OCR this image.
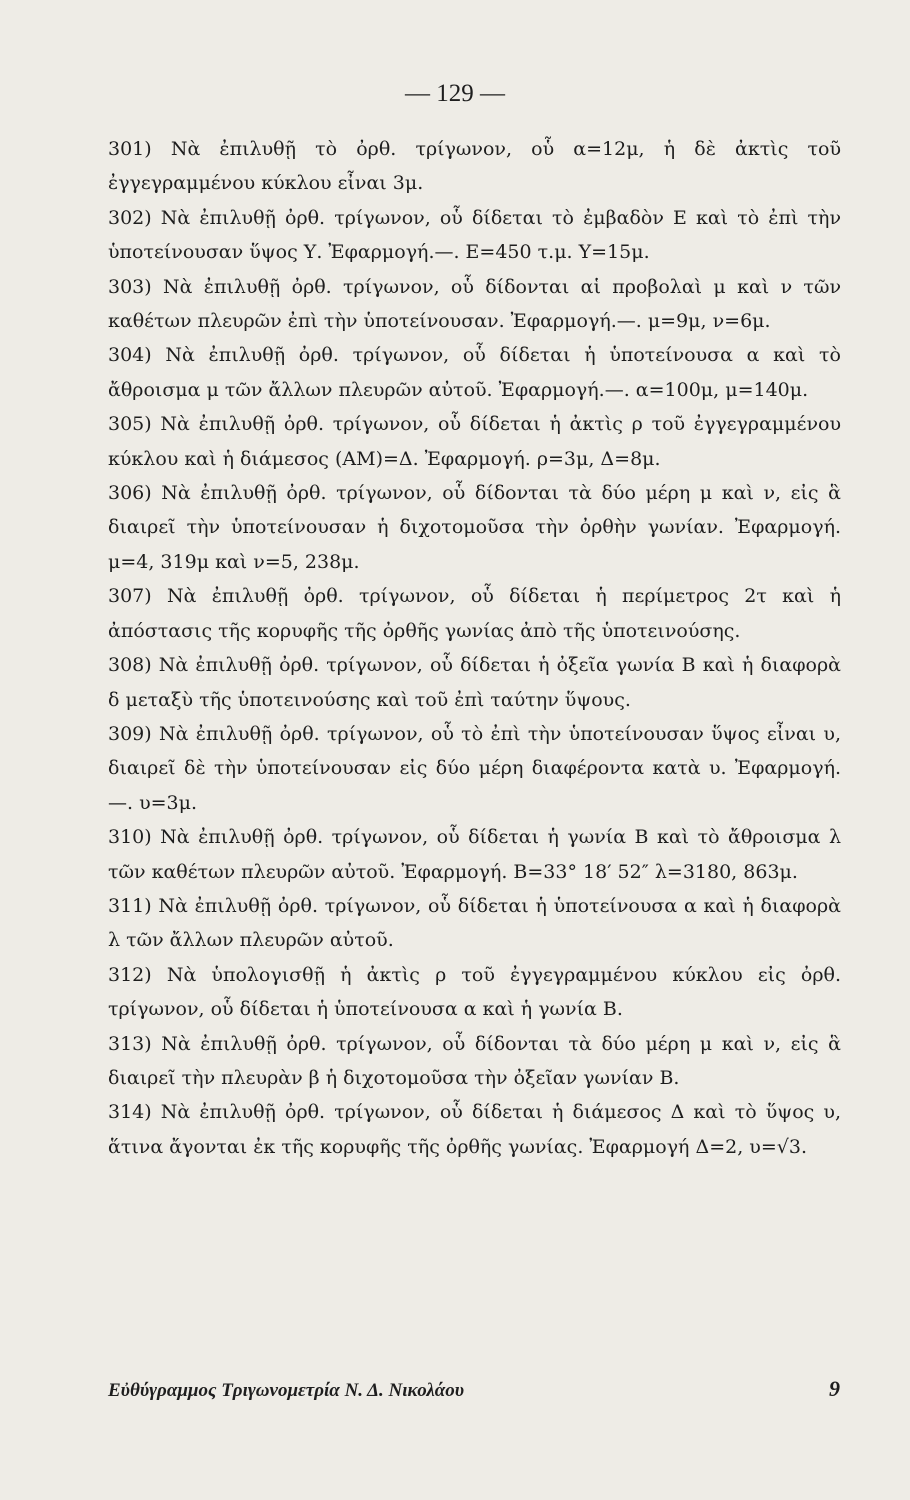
— 129 —

301) Νὰ ἐπιλυθῇ τὸ ὀρθ. τρίγωνον, οὗ α=12μ, ἡ δὲ ἀκτὶς τοῦ ἐγγεγραμμένου κύκλου εἶναι 3μ.

302) Νὰ ἐπιλυθῇ ὀρθ. τρίγωνον, οὗ δίδεται τὸ ἐμβαδὸν Ε καὶ τὸ ἐπὶ τὴν ὑποτείνουσαν ὕψος Υ. Ἐφαρμογή.—. Ε=450 τ.μ. Υ=15μ.

303) Νὰ ἐπιλυθῇ ὀρθ. τρίγωνον, οὗ δίδονται αἱ προβολαὶ μ καὶ ν τῶν καθέτων πλευρῶν ἐπὶ τὴν ὑποτείνουσαν. Ἐφαρμογή.—. μ=9μ, ν=6μ.

304) Νὰ ἐπιλυθῇ ὀρθ. τρίγωνον, οὗ δίδεται ἡ ὑποτείνουσα α καὶ τὸ ἄθροισμα μ τῶν ἄλλων πλευρῶν αὐτοῦ. Ἐφαρμογή.—. α=100μ, μ=140μ.

305) Νὰ ἐπιλυθῇ ὀρθ. τρίγωνον, οὗ δίδεται ἡ ἀκτὶς ρ τοῦ ἐγγεγραμμένου κύκλου καὶ ἡ διάμεσος (ΑΜ)=Δ. Ἐφαρμογή. ρ=3μ, Δ=8μ.

306) Νὰ ἐπιλυθῇ ὀρθ. τρίγωνον, οὗ δίδονται τὰ δύο μέρη μ καὶ ν, εἰς ἃ διαιρεῖ τὴν ὑποτείνουσαν ἡ διχοτομοῦσα τὴν ὀρθὴν γωνίαν. Ἐφαρμογή. μ=4, 319μ καὶ ν=5, 238μ.

307) Νὰ ἐπιλυθῇ ὀρθ. τρίγωνον, οὗ δίδεται ἡ περίμετρος 2τ καὶ ἡ ἀπόστασις τῆς κορυφῆς τῆς ὀρθῆς γωνίας ἀπὸ τῆς ὑποτεινούσης.

308) Νὰ ἐπιλυθῇ ὀρθ. τρίγωνον, οὗ δίδεται ἡ ὀξεῖα γωνία Β καὶ ἡ διαφορὰ δ μεταξὺ τῆς ὑποτεινούσης καὶ τοῦ ἐπὶ ταύτην ὕψους.

309) Νὰ ἐπιλυθῇ ὀρθ. τρίγωνον, οὗ τὸ ἐπὶ τὴν ὑποτείνουσαν ὕψος εἶναι υ, διαιρεῖ δὲ τὴν ὑποτείνουσαν εἰς δύο μέρη διαφέροντα κατὰ υ. Ἐφαρμογή.—. υ=3μ.

310) Νὰ ἐπιλυθῇ ὀρθ. τρίγωνον, οὗ δίδεται ἡ γωνία Β καὶ τὸ ἄθροισμα λ τῶν καθέτων πλευρῶν αὐτοῦ. Ἐφαρμογή. Β=33° 18′ 52″ λ=3180, 863μ.

311) Νὰ ἐπιλυθῇ ὀρθ. τρίγωνον, οὗ δίδεται ἡ ὑποτείνουσα α καὶ ἡ διαφορὰ λ τῶν ἄλλων πλευρῶν αὐτοῦ.

312) Νὰ ὑπολογισθῇ ἡ ἀκτὶς ρ τοῦ ἐγγεγραμμένου κύκλου εἰς ὀρθ. τρίγωνον, οὗ δίδεται ἡ ὑποτείνουσα α καὶ ἡ γωνία Β.

313) Νὰ ἐπιλυθῇ ὀρθ. τρίγωνον, οὗ δίδονται τὰ δύο μέρη μ καὶ ν, εἰς ἃ διαιρεῖ τὴν πλευρὰν β ἡ διχοτομοῦσα τὴν ὀξεῖαν γωνίαν Β.

314) Νὰ ἐπιλυθῇ ὀρθ. τρίγωνον, οὗ δίδεται ἡ διάμεσος Δ καὶ τὸ ὕψος υ, ἅτινα ἄγονται ἐκ τῆς κορυφῆς τῆς ὀρθῆς γωνίας. Ἐφαρμογή Δ=2, υ=√3.

Εὐθύγραμμος Τριγωνομετρία Ν. Δ. Νικολάου	9
